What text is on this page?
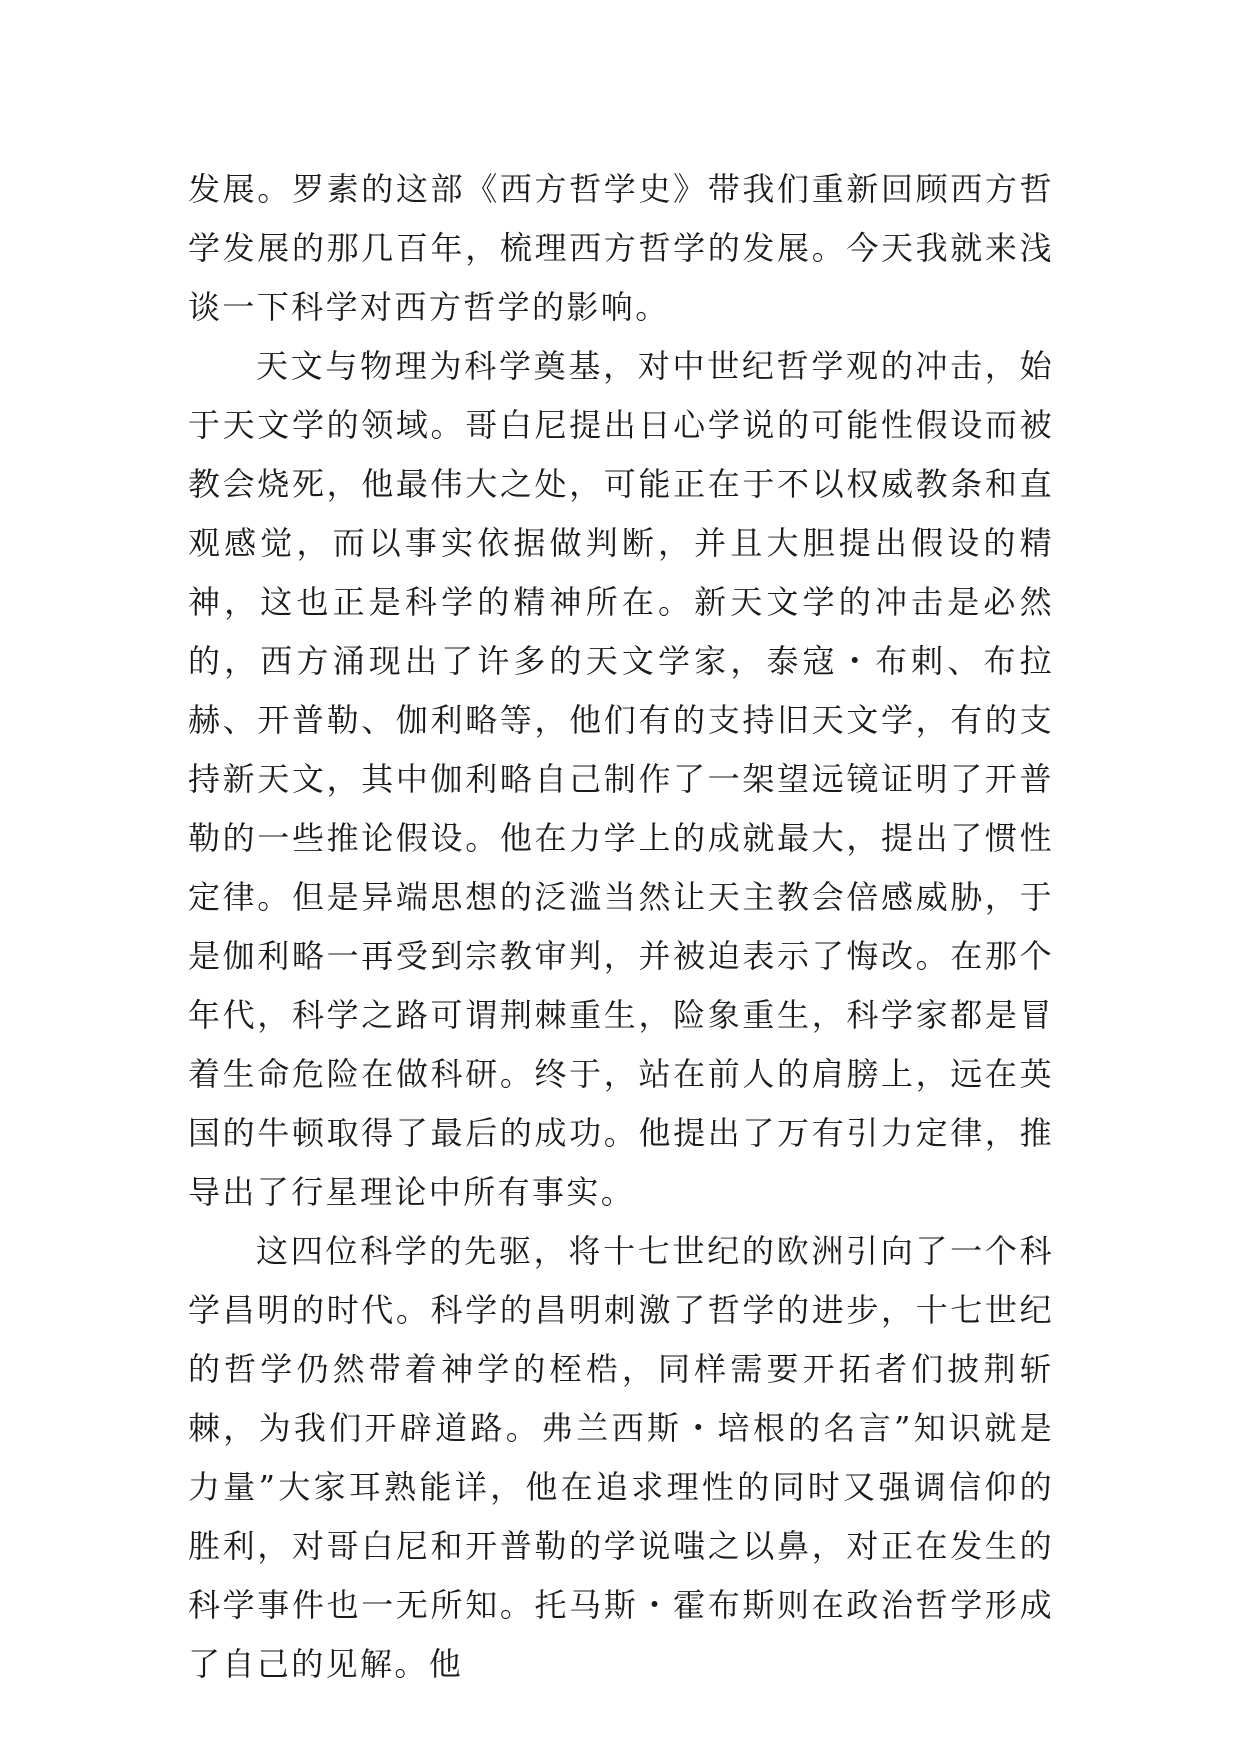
发展。罗素的这部《西方哲学史》带我们重新回顾西方哲学发展的那几百年，梳理西方哲学的发展。今天我就来浅谈一下科学对西方哲学的影响。

天文与物理为科学奠基，对中世纪哲学观的冲击，始于天文学的领域。哥白尼提出日心学说的可能性假设而被教会烧死，他最伟大之处，可能正在于不以权威教条和直观感觉，而以事实依据做判断，并且大胆提出假设的精神，这也正是科学的精神所在。新天文学的冲击是必然的，西方涌现出了许多的天文学家，泰寇・布剌、布拉赫、开普勒、伽利略等，他们有的支持旧天文学，有的支持新天文，其中伽利略自己制作了一架望远镜证明了开普勒的一些推论假设。他在力学上的成就最大，提出了惯性定律。但是异端思想的泛滥当然让天主教会倍感威胁，于是伽利略一再受到宗教审判，并被迫表示了悔改。在那个年代，科学之路可谓荆棘重生，险象重生，科学家都是冒着生命危险在做科研。终于，站在前人的肩膀上，远在英国的牛顿取得了最后的成功。他提出了万有引力定律，推导出了行星理论中所有事实。

这四位科学的先驱，将十七世纪的欧洲引向了一个科学昌明的时代。科学的昌明刺激了哲学的进步，十七世纪的哲学仍然带着神学的桎梏，同样需要开拓者们披荆斩棘，为我们开辟道路。弗兰西斯・培根的名言”知识就是力量”大家耳熟能详，他在追求理性的同时又强调信仰的胜利，对哥白尼和开普勒的学说嗤之以鼻，对正在发生的科学事件也一无所知。托马斯・霍布斯则在政治哲学形成了自己的见解。他
